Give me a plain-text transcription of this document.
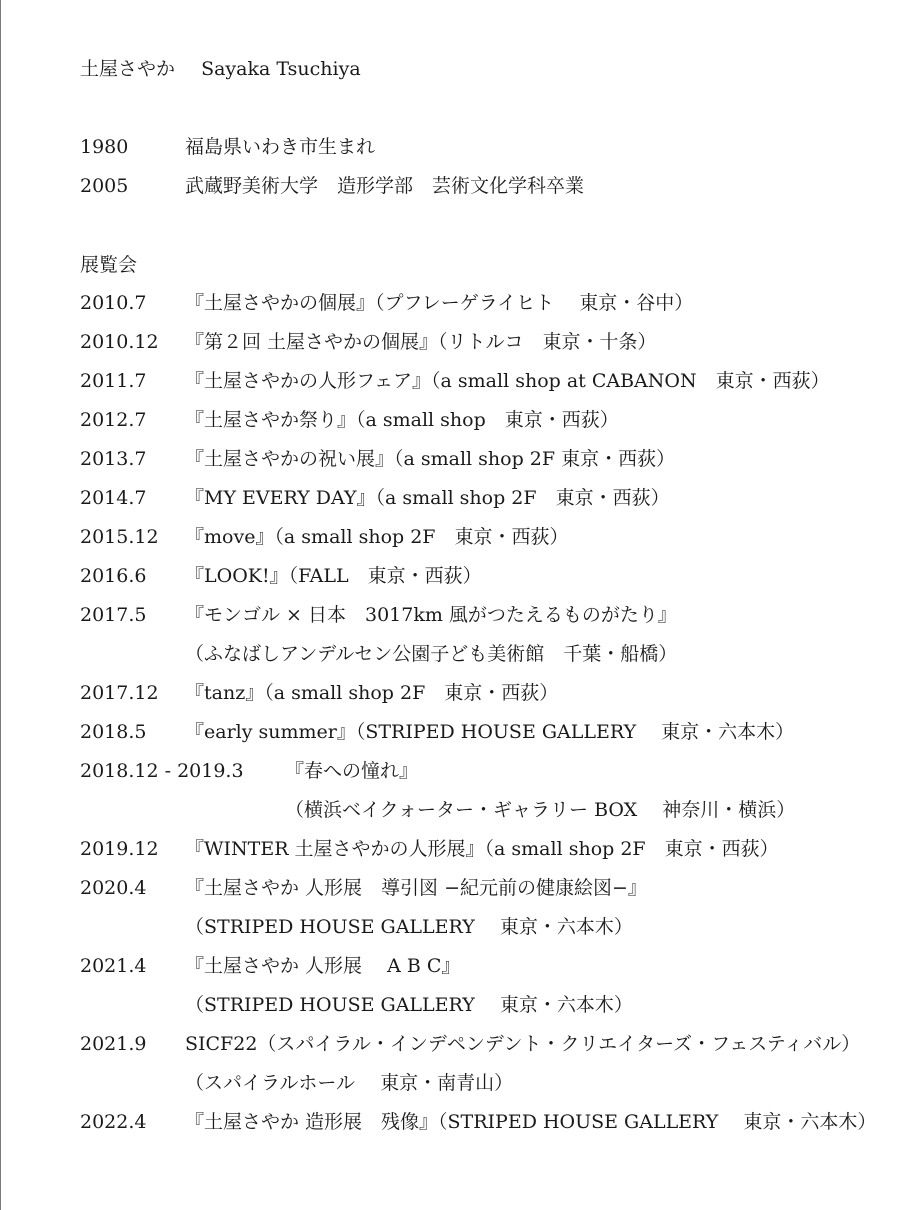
土屋さやか Sayaka Tsuchiya
1980	福島県いわき市生まれ
2005	武蔵野美術大学　造形学部　芸術文化学科卒業
展覧会
2010.7 『土屋さやかの個展』（プフレーゲライヒト　 東京・谷中）
2010.12 『第２回 土屋さやかの個展』（リトルコ　東京・十条）
2011.7 『土屋さやかの人形フェア』（a small shop at CABANON　東京・西荻）
2012.7 『土屋さやか祭り』（a small shop　東京・西荻）
2013.7 『土屋さやかの祝い展』（a small shop 2F 東京・西荻）
2014.7 『MY EVERY DAY』（a small shop 2F　東京・西荻）
2015.12 『move』（a small shop 2F　東京・西荻）
2016.6 『LOOK!』（FALL　東京・西荻）
2017.5 『モンゴル × 日本　3017km 風がつたえるものがたり』
（ふなばしアンデルセン公園子ども美術館　千葉・船橋）
2017.12 『tanz』（a small shop 2F　東京・西荻）
2018.5 『early summer』（STRIPED HOUSE GALLERY　 東京・六本木）
2018.12 - 2019.3 『春への憧れ』
（横浜ベイクォーター・ギャラリー BOX　 神奈川・横浜）
2019.12 『WINTER 土屋さやかの人形展』（a small shop 2F　東京・西荻）
2020.4 『土屋さやか 人形展　導引図 −紀元前の健康絵図−』
（STRIPED HOUSE GALLERY　 東京・六本木）
2021.4 『土屋さやか 人形展　 A B C』
（STRIPED HOUSE GALLERY　 東京・六本木）
2021.9 SICF22（スパイラル・インデペンデント・クリエイターズ・フェスティバル）
（スパイラルホール　 東京・南青山）
2022.4 『土屋さやか 造形展　残像』（STRIPED HOUSE GALLERY　 東京・六本木）
